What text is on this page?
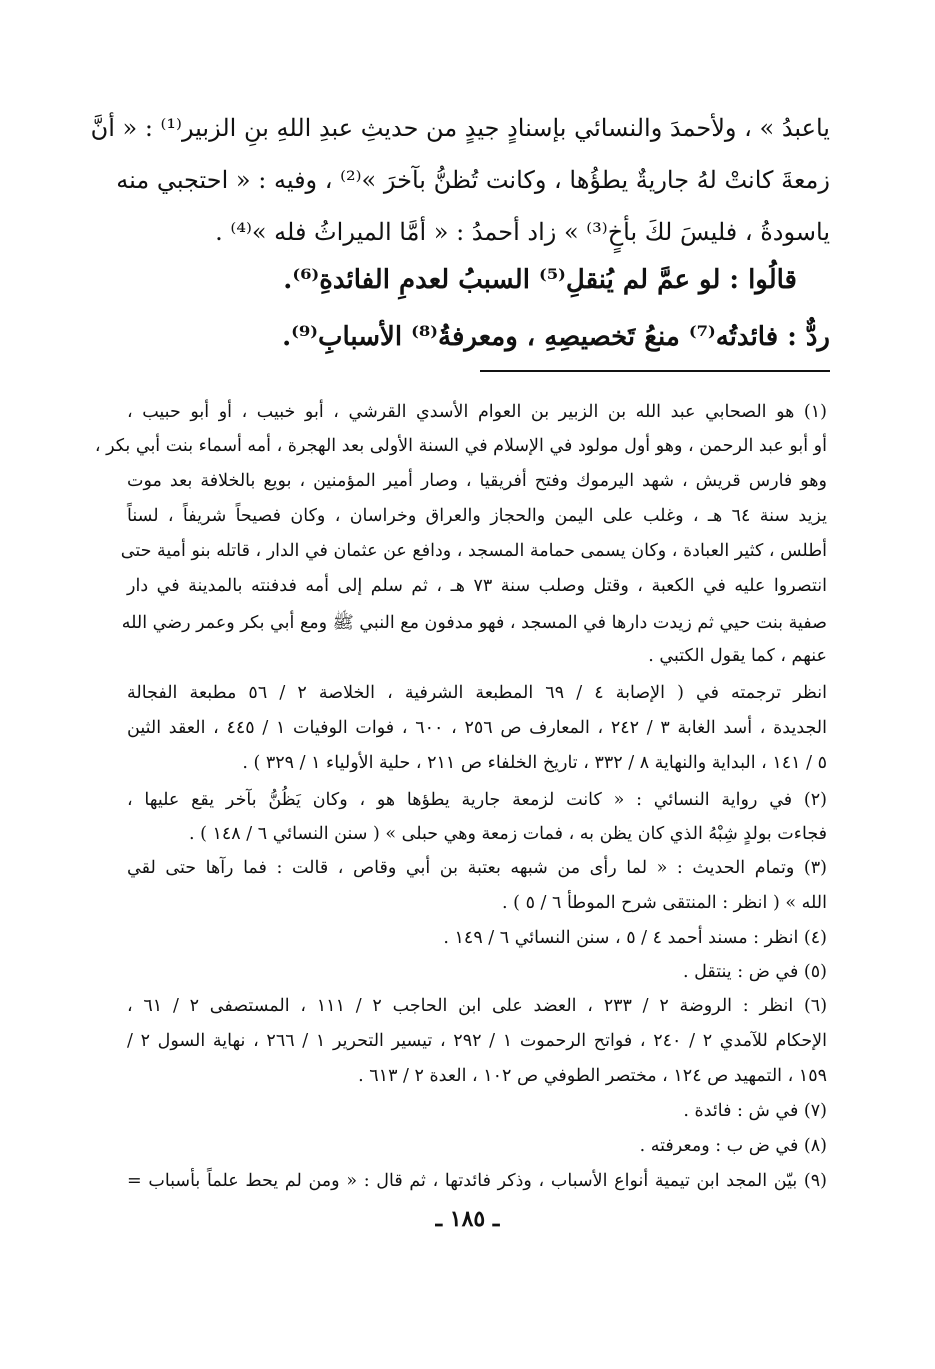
ياعبدُ » ، ولأحمدَ والنسائي بإسنادٍ جيدٍ من حديثِ عبدِ اللهِ بنِ الزبير⁽¹⁾ : « أنَّ
زمعةَ كانتْ لهُ جاريةٌ يطؤُها ، وكانت تُظنُّ بآخرَ »⁽²⁾ ، وفيه : « احتجبي منه
ياسودةُ ، فليسَ لكَ بأخٍ⁽³⁾ » زاد أحمدُ : « أمَّا الميراثُ فله »⁽⁴⁾ .
قالُوا : لو عمَّ لم يُنقلِ⁽⁵⁾ السببُ لعدمِ الفائدةِ⁽⁶⁾.
ردٌّ : فائدتُه⁽⁷⁾ منعُ تَخصيصِهِ ، ومعرفةُ⁽⁸⁾ الأسبابِ⁽⁹⁾.
(١) هو الصحابي عبد الله بن الزبير بن العوام الأسدي القرشي ، أبو خبيب ، أو أبو حبيب ،
أو أبو عبد الرحمن ، وهو أول مولود في الإسلام في السنة الأولى بعد الهجرة ، أمه أسماء بنت أبي بكر ،
وهو فارس قريش ، شهد اليرموك وفتح أفريقيا ، وصار أمير المؤمنين ، بويع بالخلافة بعد موت
يزيد سنة ٦٤ هـ ، وغلب على اليمن والحجاز والعراق وخراسان ، وكان فصيحاً شريفاً ، لسناً
أطلس ، كثير العبادة ، وكان يسمى حمامة المسجد ، ودافع عن عثمان في الدار ، قاتله بنو أمية حتى
انتصروا عليه في الكعبة ، وقتل وصلب سنة ٧٣ هـ ، ثم سلم إلى أمه فدفنته بالمدينة في دار
صفية بنت حيي ثم زيدت دارها في المسجد ، فهو مدفون مع النبي ﷺ ومع أبي بكر وعمر رضي الله
عنهم ، كما يقول الكتبي .
انظر ترجمته في ( الإصابة ٤ / ٦٩ المطبعة الشرفية ، الخلاصة ٢ / ٥٦ مطبعة الفجالة
الجديدة ، أسد الغابة ٣ / ٢٤٢ ، المعارف ص ٢٥٦ ، ٦٠٠ ، فوات الوفيات ١ / ٤٤٥ ، العقد الثين
٥ / ١٤١ ، البداية والنهاية ٨ / ٣٣٢ ، تاريخ الخلفاء ص ٢١١ ، حلية الأولياء ١ / ٣٢٩ ) .
(٢) في رواية النسائي : « كانت لزمعة جارية يطؤها هو ، وكان يَظُنُّ بآخر يقع عليها ،
فجاءت بولدٍ شِبْهُ الذي كان يظن به ، فمات زمعة وهي حبلى » ( سنن النسائي ٦ / ١٤٨ ) .
(٣) وتمام الحديث : « لما رأى من شبهه بعتبة بن أبي وقاص ، قالت : فما رآها حتى لقي
الله » ( انظر : المنتقى شرح الموطأ ٦ / ٥ ) .
(٤) انظر : مسند أحمد ٤ / ٥ ، سنن النسائي ٦ / ١٤٩ .
(٥) في ض : ينتقل .
(٦) انظر : الروضة ٢ / ٢٣٣ ، العضد على ابن الحاجب ٢ / ١١١ ، المستصفى ٢ / ٦١ ،
الإحكام للآمدي ٢ / ٢٤٠ ، فواتح الرحموت ١ / ٢٩٢ ، تيسير التحرير ١ / ٢٦٦ ، نهاية السول ٢ /
١٥٩ ، التمهيد ص ١٢٤ ، مختصر الطوفي ص ١٠٢ ، العدة ٢ / ٦١٣ .
(٧) في ش : فائدة .
(٨) في ض ب : ومعرفته .
(٩) بيّن المجد ابن تيمية أنواع الأسباب ، وذكر فائدتها ، ثم قال : « ومن لم يحط علماً بأسباب =
ـ ١٨٥ ـ
